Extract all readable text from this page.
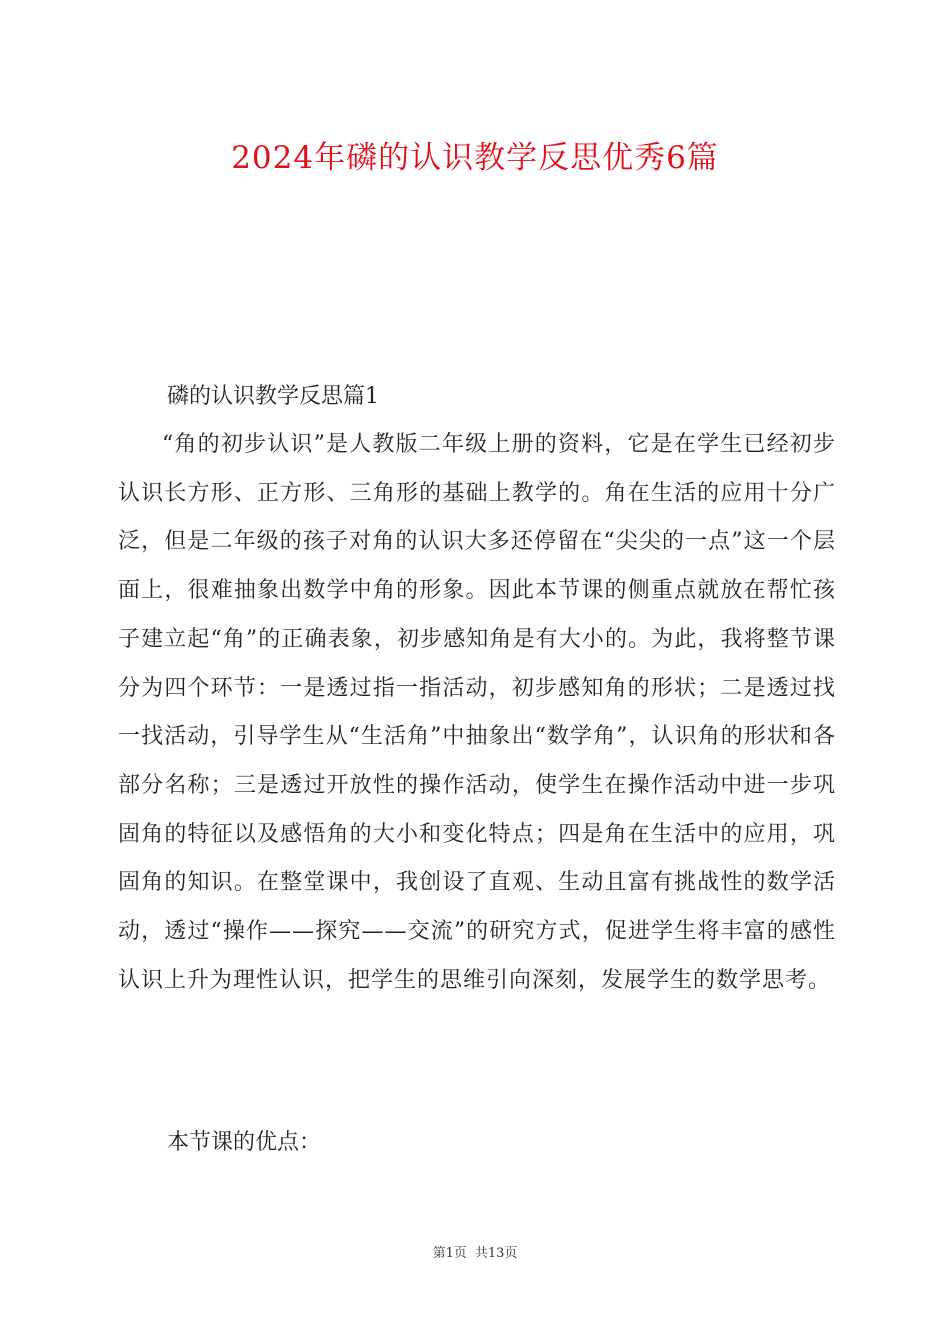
2024年磷的认识教学反思优秀6篇

磷的认识教学反思篇1

“角的初步认识”是人教版二年级上册的资料，它是在学生已经初步认识长方形、正方形、三角形的基础上教学的。角在生活的应用十分广泛，但是二年级的孩子对角的认识大多还停留在“尖尖的一点”这一个层面上，很难抽象出数学中角的形象。因此本节课的侧重点就放在帮忙孩子建立起“角”的正确表象，初步感知角是有大小的。为此，我将整节课分为四个环节：一是透过指一指活动，初步感知角的形状；二是透过找一找活动，引导学生从“生活角”中抽象出“数学角”，认识角的形状和各部分名称；三是透过开放性的操作活动，使学生在操作活动中进一步巩固角的特征以及感悟角的大小和变化特点；四是角在生活中的应用，巩固角的知识。在整堂课中，我创设了直观、生动且富有挑战性的数学活动，透过“操作——探究——交流”的研究方式，促进学生将丰富的感性认识上升为理性认识，把学生的思维引向深刻，发展学生的数学思考。

本节课的优点：

第1页 共13页
